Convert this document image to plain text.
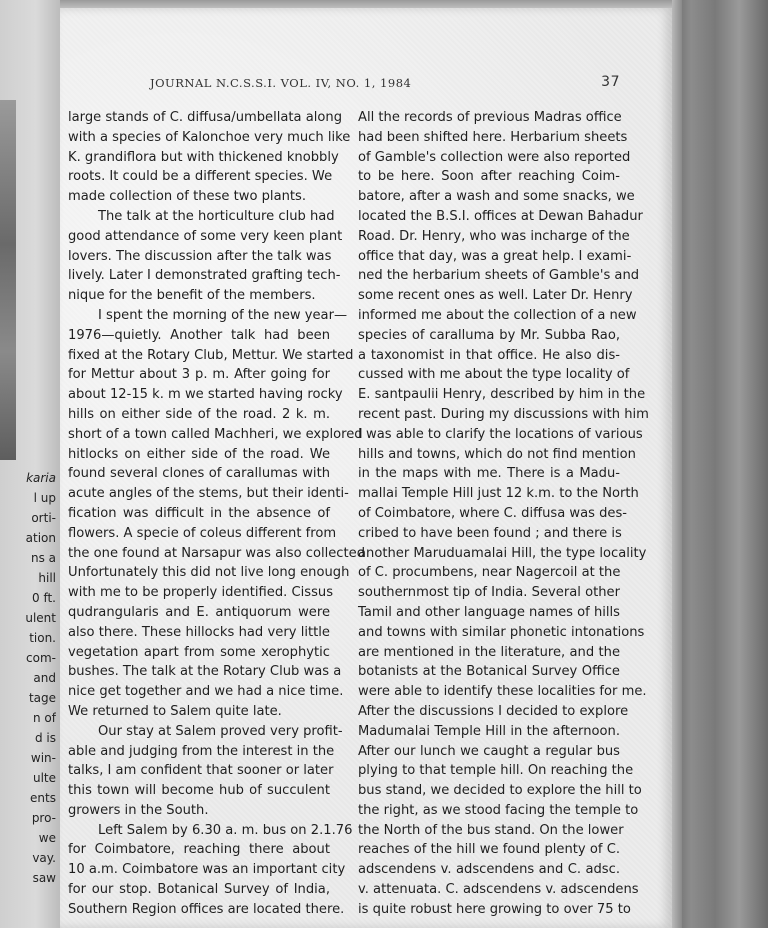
karia
l up
orti-
ation
ns a
hill
0 ft.
ulent
tion.
com-
and
tage
n of
d is
win-
ulte
ents
pro-
we
vay.
saw
JOURNAL N.C.S.S.I. VOL. IV, NO. 1, 1984	37
large stands of C. diffusa/umbellata along
with a species of Kalonchoe very much like
K. grandiflora but with thickened knobbly
roots. It could be a different species. We
made collection of these two plants.
The talk at the horticulture club had
good attendance of some very keen plant
lovers. The discussion after the talk was
lively. Later I demonstrated grafting tech-
nique for the benefit of the members.
I spent the morning of the new year—
1976—quietly. Another talk had been
fixed at the Rotary Club, Mettur. We started
for Mettur about 3 p. m. After going for
about 12-15 k. m we started having rocky
hills on either side of the road. 2 k. m.
short of a town called Machheri, we explored
hitlocks on either side of the road. We
found several clones of carallumas with
acute angles of the stems, but their identi-
fication was difficult in the absence of
flowers. A specie of coleus different from
the one found at Narsapur was also collected
Unfortunately this did not live long enough
with me to be properly identified. Cissus
qudrangularis and E. antiquorum were
also there. These hillocks had very little
vegetation apart from some xerophytic
bushes. The talk at the Rotary Club was a
nice get together and we had a nice time.
We returned to Salem quite late.
Our stay at Salem proved very profit-
able and judging from the interest in the
talks, I am confident that sooner or later
this town will become hub of succulent
growers in the South.
Left Salem by 6.30 a. m. bus on 2.1.76
for Coimbatore, reaching there about
10 a.m. Coimbatore was an important city
for our stop. Botanical Survey of India,
Southern Region offices are located there.
All the records of previous Madras office
had been shifted here. Herbarium sheets
of Gamble's collection were also reported
to be here. Soon after reaching Coim-
batore, after a wash and some snacks, we
located the B.S.I. offices at Dewan Bahadur
Road. Dr. Henry, who was incharge of the
office that day, was a great help. I exami-
ned the herbarium sheets of Gamble's and
some recent ones as well. Later Dr. Henry
informed me about the collection of a new
species of caralluma by Mr. Subba Rao,
a taxonomist in that office. He also dis-
cussed with me about the type locality of
E. santpaulii Henry, described by him in the
recent past. During my discussions with him
I was able to clarify the locations of various
hills and towns, which do not find mention
in the maps with me. There is a Madu-
mallai Temple Hill just 12 k.m. to the North
of Coimbatore, where C. diffusa was des-
cribed to have been found ; and there is
another Maruduamalai Hill, the type locality
of C. procumbens, near Nagercoil at the
southernmost tip of India. Several other
Tamil and other language names of hills
and towns with similar phonetic intonations
are mentioned in the literature, and the
botanists at the Botanical Survey Office
were able to identify these localities for me.
After the discussions I decided to explore
Madumalai Temple Hill in the afternoon.
After our lunch we caught a regular bus
plying to that temple hill. On reaching the
bus stand, we decided to explore the hill to
the right, as we stood facing the temple to
the North of the bus stand. On the lower
reaches of the hill we found plenty of C.
adscendens v. adscendens and C. adsc.
v. attenuata. C. adscendens v. adscendens
is quite robust here growing to over 75 to
